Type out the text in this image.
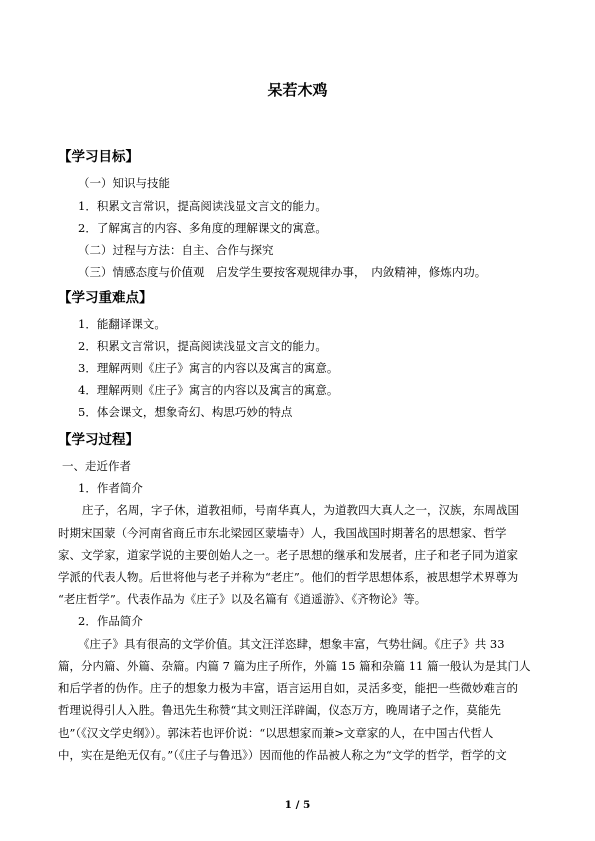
呆若木鸡
【学习目标】
（一）知识与技能
1．积累文言常识，提高阅读浅显文言文的能力。
2．了解寓言的内容、多角度的理解课文的寓意。
（二）过程与方法：自主、合作与探究
（三）情感态度与价值观　启发学生要按客观规律办事，　内敛精神，修炼内功。
【学习重难点】
1．能翻译课文。
2．积累文言常识，提高阅读浅显文言文的能力。
3．理解两则《庄子》寓言的内容以及寓言的寓意。
4．理解两则《庄子》寓言的内容以及寓言的寓意。
5．体会课文，想象奇幻、构思巧妙的特点
【学习过程】
一、走近作者
1．作者简介
庄子，名周，字子休，道教祖师，号南华真人，为道教四大真人之一，汉族，东周战国
时期宋国蒙（今河南省商丘市东北梁园区蒙墙寺）人，我国战国时期著名的思想家、哲学
家、文学家，道家学说的主要创始人之一。老子思想的继承和发展者，庄子和老子同为道家
学派的代表人物。后世将他与老子并称为“老庄”。他们的哲学思想体系，被思想学术界尊为
“老庄哲学”。代表作品为《庄子》以及名篇有《逍遥游》、《齐物论》等。
2．作品简介
《庄子》具有很高的文学价值。其文汪洋恣肆，想象丰富，气势壮阔。《庄子》共 33
篇，分内篇、外篇、杂篇。内篇 7 篇为庄子所作，外篇 15 篇和杂篇 11 篇一般认为是其门人
和后学者的伪作。庄子的想象力极为丰富，语言运用自如，灵活多变，能把一些微妙难言的
哲理说得引人入胜。鲁迅先生称赞“其文则汪洋辟阖，仪态万方，晚周诸子之作，莫能先
也”（《汉文学史纲》）。郭沫若也评价说：“以思想家而兼>文章家的人，在中国古代哲人
中，实在是绝无仅有。”（《庄子与鲁迅》）因而他的作品被人称之为“文学的哲学，哲学的文
1 / 5
